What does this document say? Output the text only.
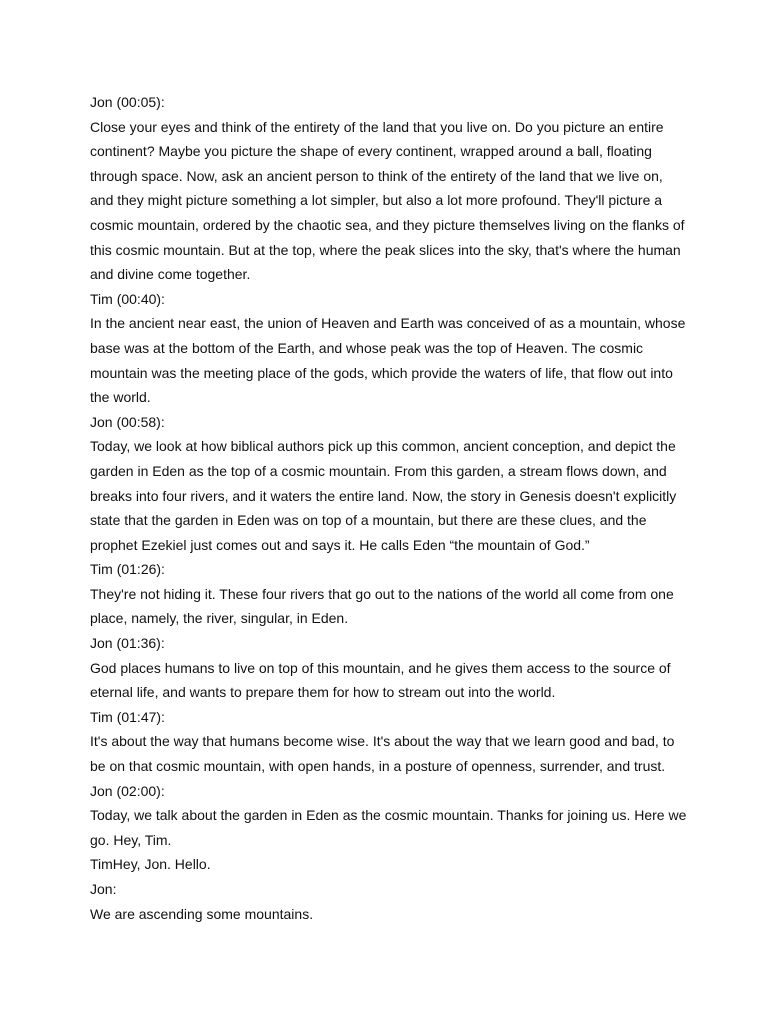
Jon (00:05):

Close your eyes and think of the entirety of the land that you live on. Do you picture an entire continent? Maybe you picture the shape of every continent, wrapped around a ball, floating through space. Now, ask an ancient person to think of the entirety of the land that we live on, and they might picture something a lot simpler, but also a lot more profound. They'll picture a cosmic mountain, ordered by the chaotic sea, and they picture themselves living on the flanks of this cosmic mountain. But at the top, where the peak slices into the sky, that's where the human and divine come together.

Tim (00:40):

In the ancient near east, the union of Heaven and Earth was conceived of as a mountain, whose base was at the bottom of the Earth, and whose peak was the top of Heaven. The cosmic mountain was the meeting place of the gods, which provide the waters of life, that flow out into the world.

Jon (00:58):

Today, we look at how biblical authors pick up this common, ancient conception, and depict the garden in Eden as the top of a cosmic mountain. From this garden, a stream flows down, and breaks into four rivers, and it waters the entire land. Now, the story in Genesis doesn't explicitly state that the garden in Eden was on top of a mountain, but there are these clues, and the prophet Ezekiel just comes out and says it. He calls Eden “the mountain of God.”

Tim (01:26):

They're not hiding it. These four rivers that go out to the nations of the world all come from one place, namely, the river, singular, in Eden.

Jon (01:36):

God places humans to live on top of this mountain, and he gives them access to the source of eternal life, and wants to prepare them for how to stream out into the world.

Tim (01:47):

It's about the way that humans become wise. It's about the way that we learn good and bad, to be on that cosmic mountain, with open hands, in a posture of openness, surrender, and trust.

Jon (02:00):

Today, we talk about the garden in Eden as the cosmic mountain. Thanks for joining us. Here we go. Hey, Tim.

TimHey, Jon. Hello.

Jon:

We are ascending some mountains.
